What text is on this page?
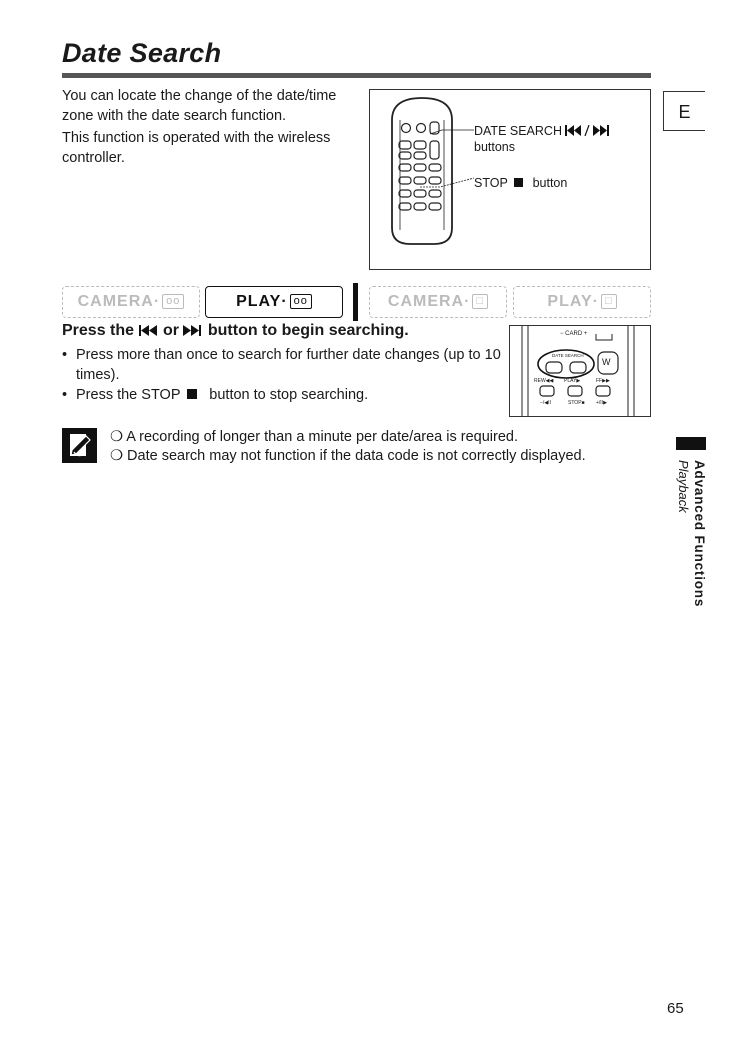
Date Search
You can locate the change of the date/time zone with the date search function.
This function is operated with the wireless controller.
DATE SEARCH
buttons
STOP button
E
CAMERA· oo	PLAY· oo	CAMERA· □	PLAY· □
Press the or button to begin searching.
• Press more than once to search for further date changes (up to 10 times).
• Press the STOP button to stop searching.
− CARD +
DATE SEARCH
W
REW◀◀ PLAY▶	FF▶▶
−/◀II	STOP■ +/II▶
❍ A recording of longer than a minute per date/area is required.
❍ Date search may not function if the data code is not correctly displayed.
Advanced Functions
Playback
65
